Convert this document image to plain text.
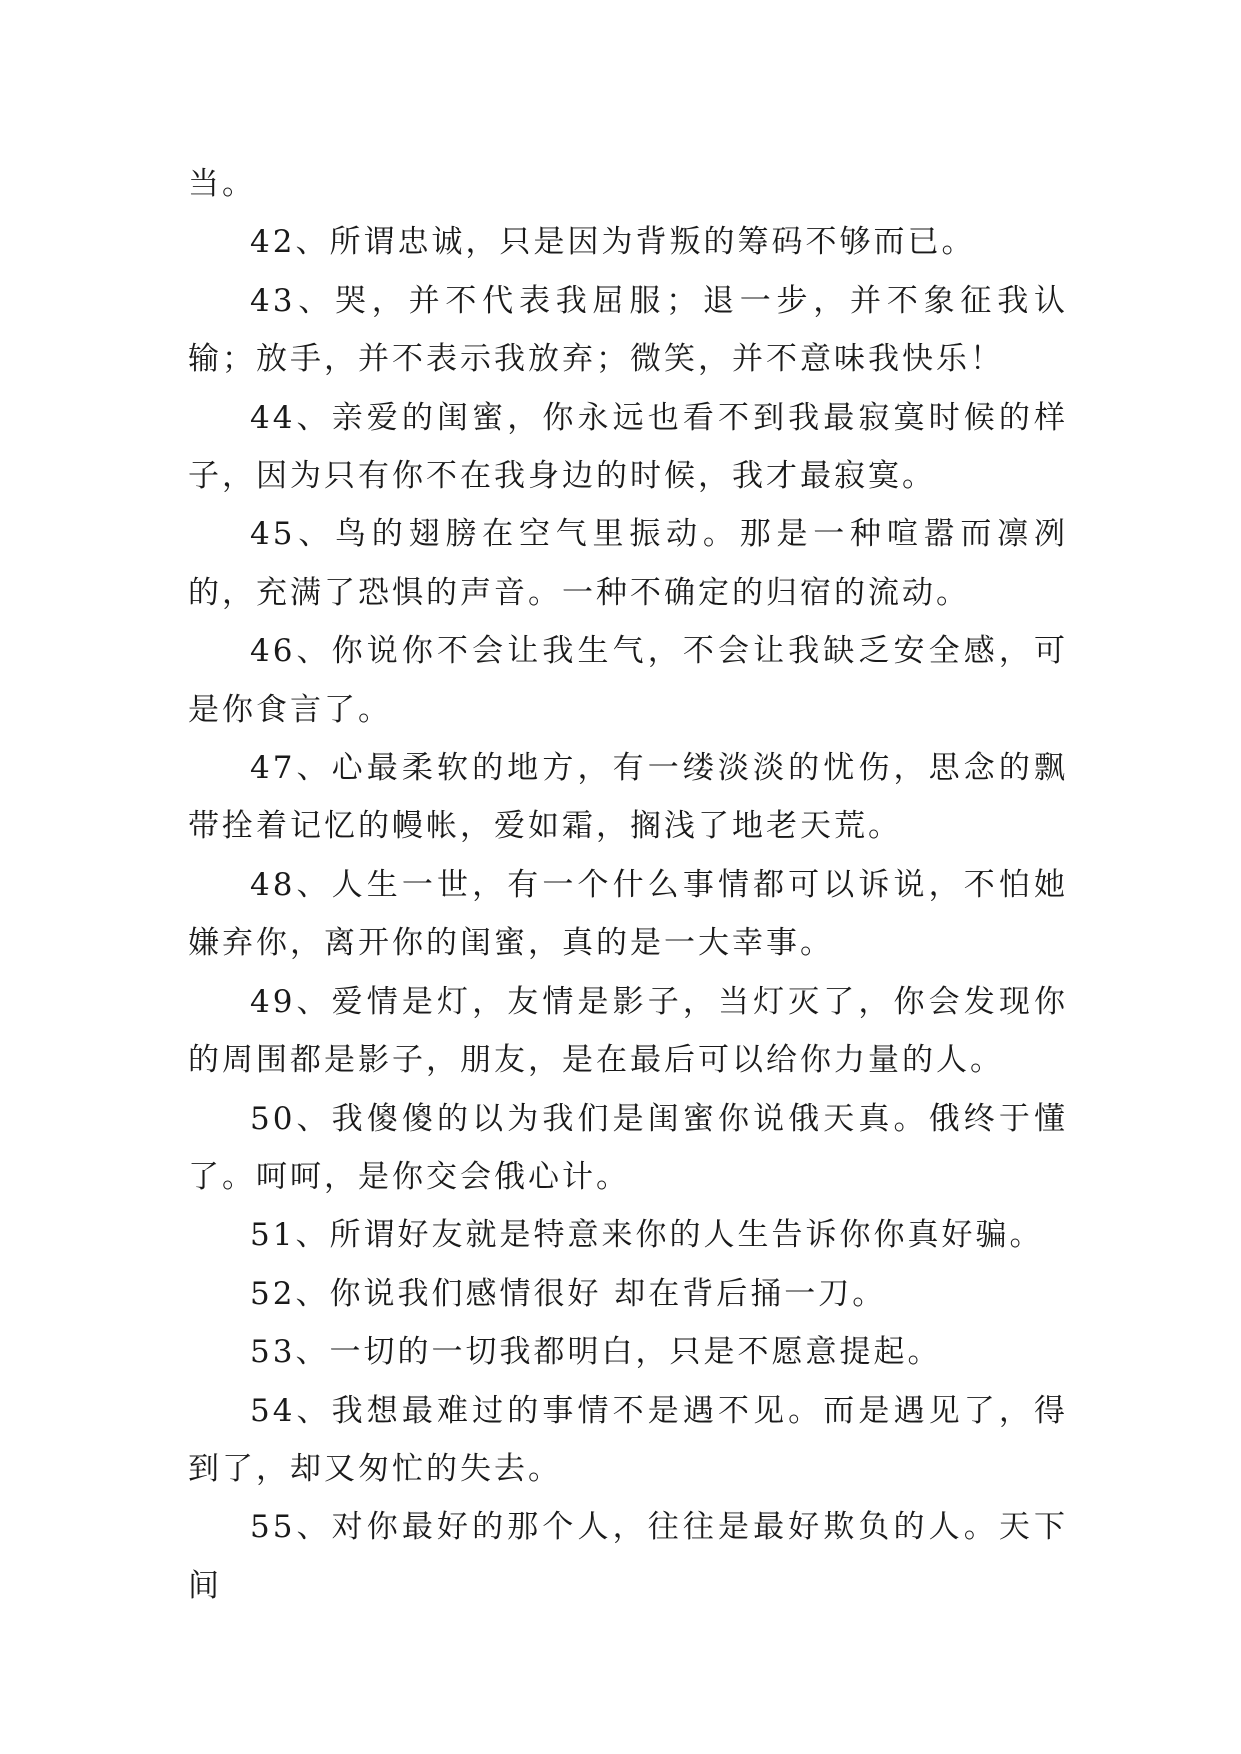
当。

42、所谓忠诚，只是因为背叛的筹码不够而已。

43、哭，并不代表我屈服；退一步，并不象征我认输；放手，并不表示我放弃；微笑，并不意味我快乐！

44、亲爱的闺蜜，你永远也看不到我最寂寞时候的样子，因为只有你不在我身边的时候，我才最寂寞。

45、鸟的翅膀在空气里振动。那是一种喧嚣而凛冽的，充满了恐惧的声音。一种不确定的归宿的流动。

46、你说你不会让我生气，不会让我缺乏安全感，可是你食言了。

47、心最柔软的地方，有一缕淡淡的忧伤，思念的飘带拴着记忆的幔帐，爱如霜，搁浅了地老天荒。

48、人生一世，有一个什么事情都可以诉说，不怕她嫌弃你，离开你的闺蜜，真的是一大幸事。

49、爱情是灯，友情是影子，当灯灭了，你会发现你的周围都是影子，朋友，是在最后可以给你力量的人。

50、我傻傻的以为我们是闺蜜你说俄天真。俄终于懂了。呵呵，是你交会俄心计。

51、所谓好友就是特意来你的人生告诉你你真好骗。

52、你说我们感情很好 却在背后捅一刀。

53、一切的一切我都明白，只是不愿意提起。

54、我想最难过的事情不是遇不见。而是遇见了，得到了，却又匆忙的失去。

55、对你最好的那个人，往往是最好欺负的人。天下间
